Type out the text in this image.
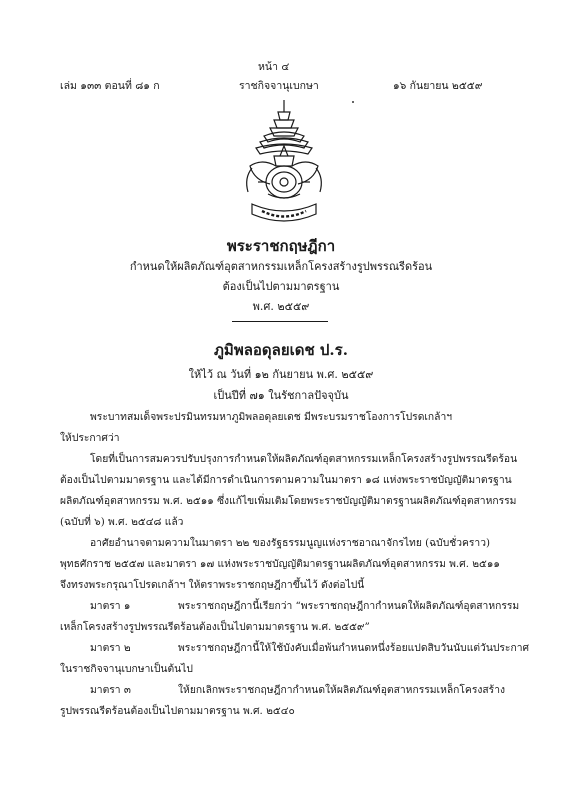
หน้า ๔
เล่ม ๑๓๓ ตอนที่ ๘๑ ก	ราชกิจจานุเบกษา	๑๖ กันยายน ๒๕๕๙
พระราชกฤษฎีกา
กำหนดให้ผลิตภัณฑ์อุตสาหกรรมเหล็กโครงสร้างรูปพรรณรีดร้อน
ต้องเป็นไปตามมาตรฐาน
พ.ศ. ๒๕๕๙
ภูมิพลอดุลยเดช ป.ร.
ให้ไว้ ณ วันที่ ๑๒ กันยายน พ.ศ. ๒๕๕๙
เป็นปีที่ ๗๑ ในรัชกาลปัจจุบัน
พระบาทสมเด็จพระปรมินทรมหาภูมิพลอดุลยเดช มีพระบรมราชโองการโปรดเกล้าฯ
ให้ประกาศว่า
โดยที่เป็นการสมควรปรับปรุงการกำหนดให้ผลิตภัณฑ์อุตสาหกรรมเหล็กโครงสร้างรูปพรรณรีดร้อน
ต้องเป็นไปตามมาตรฐาน และได้มีการดำเนินการตามความในมาตรา ๑๘ แห่งพระราชบัญญัติมาตรฐาน
ผลิตภัณฑ์อุตสาหกรรม พ.ศ. ๒๕๑๑ ซึ่งแก้ไขเพิ่มเติมโดยพระราชบัญญัติมาตรฐานผลิตภัณฑ์อุตสาหกรรม
(ฉบับที่ ๖) พ.ศ. ๒๕๔๘ แล้ว
อาศัยอำนาจตามความในมาตรา ๒๒ ของรัฐธรรมนูญแห่งราชอาณาจักรไทย (ฉบับชั่วคราว)
พุทธศักราช ๒๕๕๗ และมาตรา ๑๗ แห่งพระราชบัญญัติมาตรฐานผลิตภัณฑ์อุตสาหกรรม พ.ศ. ๒๕๑๑
จึงทรงพระกรุณาโปรดเกล้าฯ ให้ตราพระราชกฤษฎีกาขึ้นไว้ ดังต่อไปนี้
มาตรา ๑	พระราชกฤษฎีกานี้เรียกว่า “พระราชกฤษฎีกากำหนดให้ผลิตภัณฑ์อุตสาหกรรม
เหล็กโครงสร้างรูปพรรณรีดร้อนต้องเป็นไปตามมาตรฐาน พ.ศ. ๒๕๕๙”
มาตรา ๒	พระราชกฤษฎีกานี้ให้ใช้บังคับเมื่อพ้นกำหนดหนึ่งร้อยแปดสิบวันนับแต่วันประกาศ
ในราชกิจจานุเบกษาเป็นต้นไป
มาตรา ๓	ให้ยกเลิกพระราชกฤษฎีกากำหนดให้ผลิตภัณฑ์อุตสาหกรรมเหล็กโครงสร้าง
รูปพรรณรีดร้อนต้องเป็นไปตามมาตรฐาน พ.ศ. ๒๕๔๐
